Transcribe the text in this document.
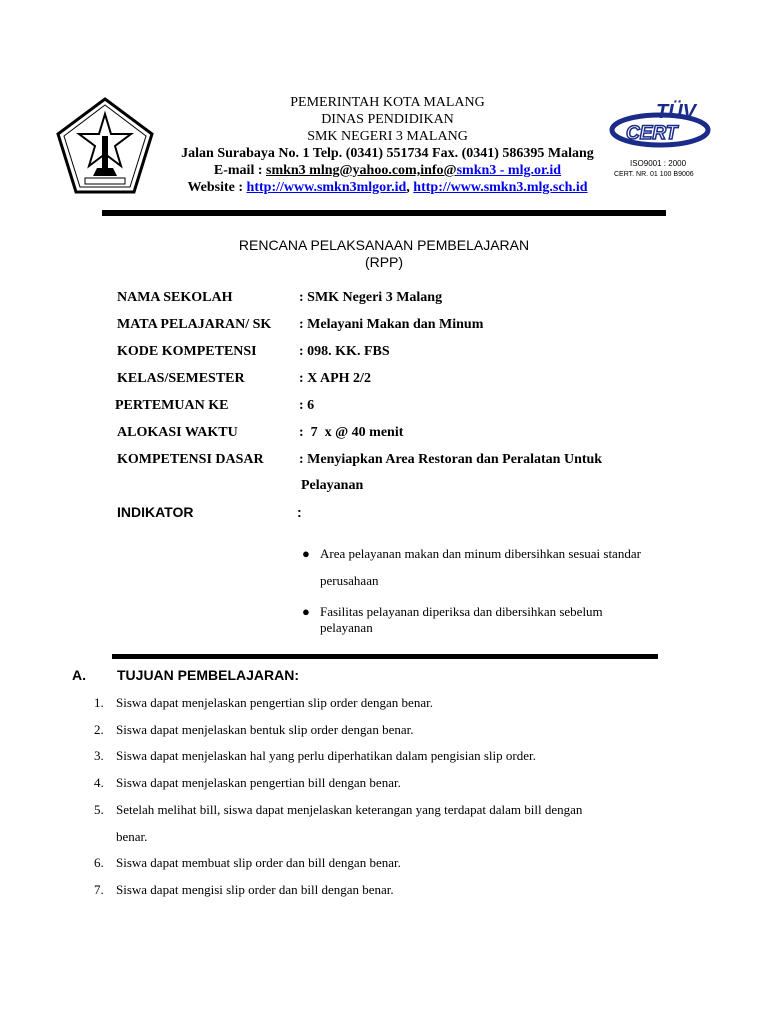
PEMERINTAH KOTA MALANG
DINAS PENDIDIKAN
SMK NEGERI 3 MALANG
Jalan Surabaya No. 1 Telp. (0341) 551734 Fax. (0341) 586395 Malang
E-mail : smkn3 mlng@yahoo.com,info@smkn3 - mlg.or.id
Website : http://www.smkn3mlgor.id, http://www.smkn3.mlg.sch.id
TÜV
CERT
ISO9001 : 2000
CERT. NR. 01 100 B9006
RENCANA PELAKSANAAN PEMBELAJARAN
(RPP)
NAMA SEKOLAH	: SMK Negeri 3 Malang
MATA PELAJARAN/ SK : Melayani Makan dan Minum
KODE KOMPETENSI	: 098. KK. FBS
KELAS/SEMESTER	: X APH 2/2
PERTEMUAN KE	: 6
ALOKASI WAKTU	:  7  x @ 40 menit
KOMPETENSI DASAR	: Menyiapkan Area Restoran dan Peralatan Untuk
Pelayanan
INDIKATOR	:
● Area pelayanan makan dan minum dibersihkan sesuai standar
perusahaan
● Fasilitas pelayanan diperiksa dan dibersihkan sebelum
pelayanan
A. TUJUAN PEMBELAJARAN:
1. Siswa dapat menjelaskan pengertian slip order dengan benar.
2. Siswa dapat menjelaskan bentuk slip order dengan benar.
3. Siswa dapat menjelaskan hal yang perlu diperhatikan dalam pengisian slip order.
4. Siswa dapat menjelaskan pengertian bill dengan benar.
5. Setelah melihat bill, siswa dapat menjelaskan keterangan yang terdapat dalam bill dengan
benar.
6. Siswa dapat membuat slip order dan bill dengan benar.
7. Siswa dapat mengisi slip order dan bill dengan benar.
